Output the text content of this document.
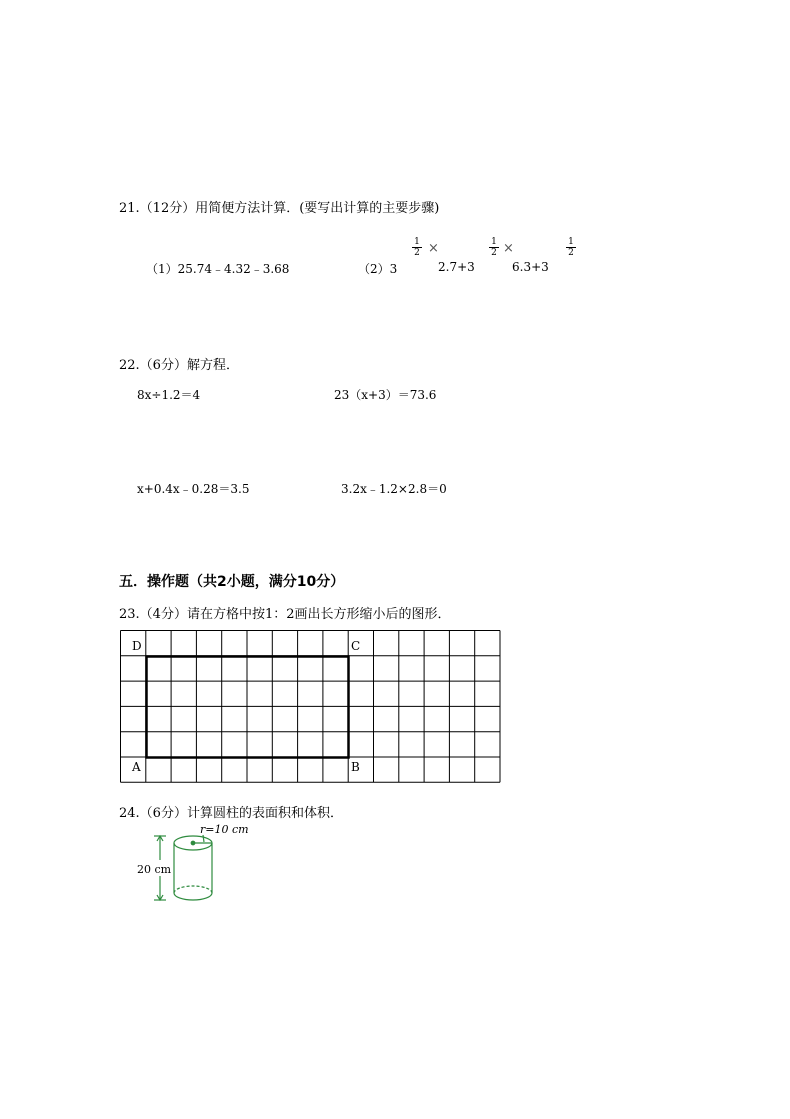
21.（12分）用简便方法计算．(要写出计算的主要步骤)
（1）25.74﹣4.32﹣3.68	（2）3
1
2 ×
2.7+3
1
2 ×
6.3+3
1
2
22.（6分）解方程．
8x÷1.2＝4	23（x+3）＝73.6
x+0.4x﹣0.28＝3.5	3.2x﹣1.2×2.8＝0
五．操作题（共2小题，满分10分）
23.（4分）请在方格中按1：2画出长方形缩小后的图形．
D	C
A	B
24.（6分）计算圆柱的表面积和体积．
r=10 cm
20 cm
